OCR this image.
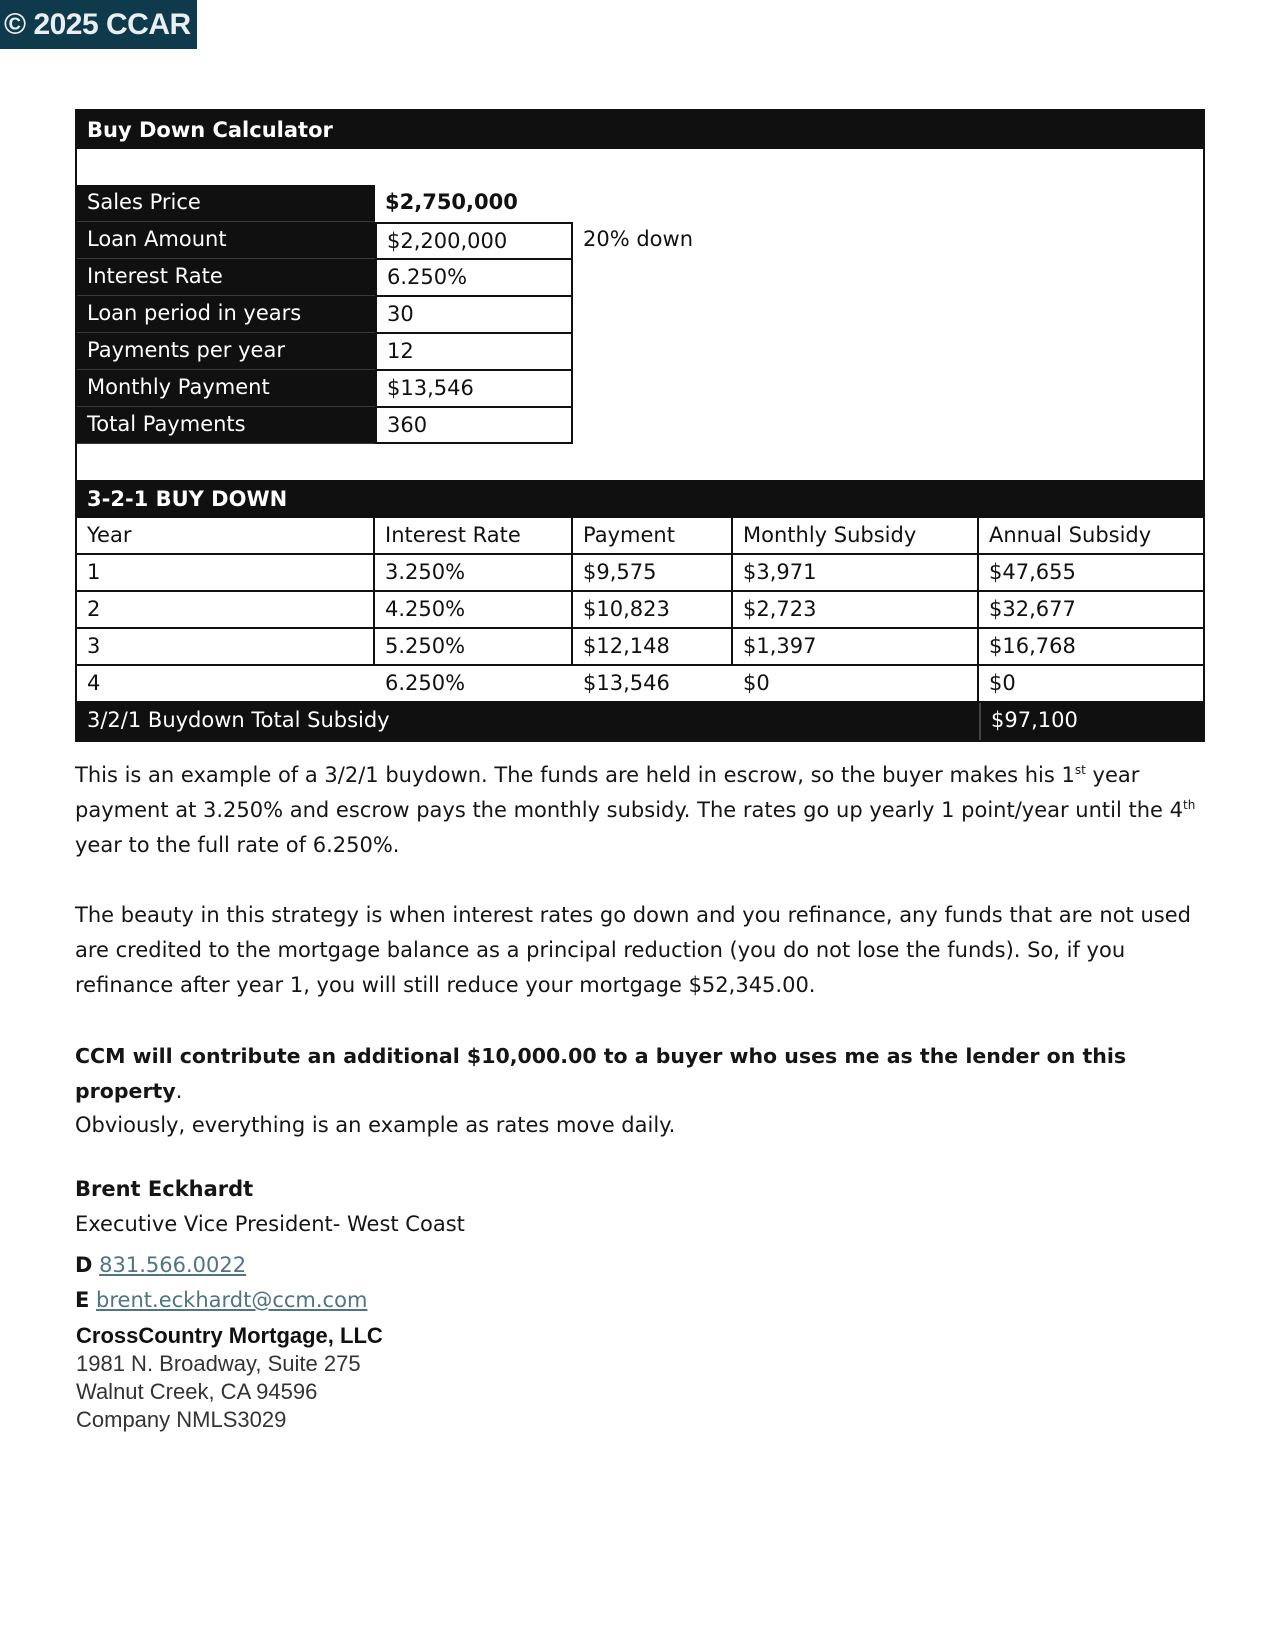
© 2025 CCAR
Buy Down Calculator
Sales Price	$2,750,000
Loan Amount	$2,200,000	20% down
Interest Rate	6.250%
Loan period in years	30
Payments per year	12
Monthly Payment	$13,546
Total Payments	360
3-2-1 BUY DOWN
Year	Interest Rate	Payment	Monthly Subsidy	Annual Subsidy
1	3.250%	$9,575	$3,971	$47,655
2	4.250%	$10,823	$2,723	$32,677
3	5.250%	$12,148	$1,397	$16,768
4	6.250%	$13,546	$0	$0
3/2/1 Buydown Total Subsidy	$97,100
This is an example of a 3/2/1 buydown. The funds are held in escrow, so the buyer makes his 1st year payment at 3.250% and escrow pays the monthly subsidy. The rates go up yearly 1 point/year until the 4th year to the full rate of 6.250%.
The beauty in this strategy is when interest rates go down and you refinance, any funds that are not used are credited to the mortgage balance as a principal reduction (you do not lose the funds). So, if you refinance after year 1, you will still reduce your mortgage $52,345.00.
CCM will contribute an additional $10,000.00 to a buyer who uses me as the lender on this property.
Obviously, everything is an example as rates move daily.
Brent Eckhardt
Executive Vice President- West Coast
D 831.566.0022
E brent.eckhardt@ccm.com
CrossCountry Mortgage, LLC
1981 N. Broadway, Suite 275
Walnut Creek, CA 94596
Company NMLS3029
